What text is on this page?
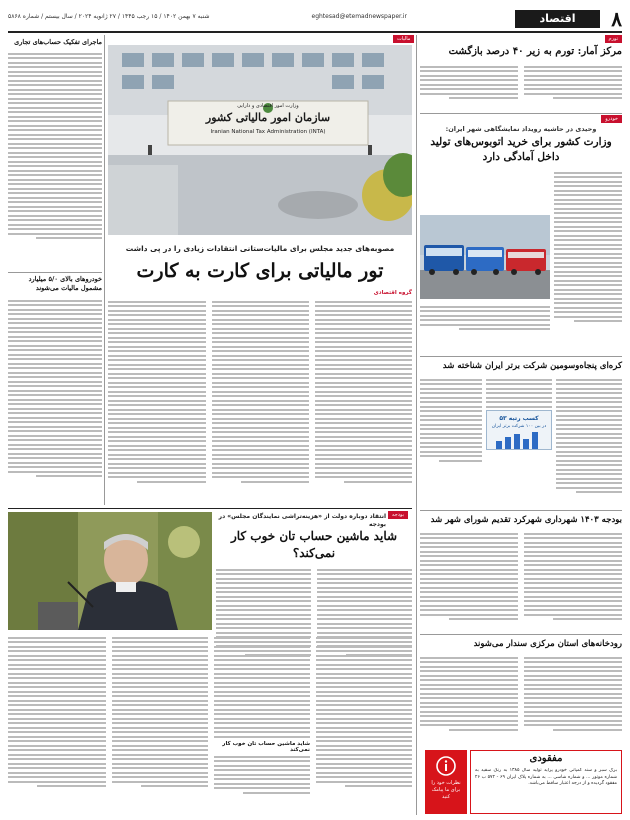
٨
اقتصاد
eghtesad@etemadnewspaper.ir
شنبه ۷ بهمن ۱۴۰۲ / ۱۵ رجب ۱۴۴۵ / ۲۷ ژانویه ۲۰۲۴ / سال بیستم / شماره ۵۸۶۸
تورم
مرکز آمار: تورم به زیر ۴۰ درصد بازگشت
خودرو
وحیدی در حاشیه رویداد نمایشگاهی شهر ایران:
وزارت کشور برای خرید اتوبوس‌های تولید داخل آمادگی دارد
کره‌ای پنجاه‌وسومین شرکت برتر ایران شناخته شد
کسب رتبه ۵۳
در بین ۱۰۰ شرکت برتر ایران
بودجه ۱۴۰۳ شهرداری شهرکرد تقدیم شورای شهر شد
رودخانه‌های استان مرکزی سندار می‌شوند
مفقودی
برگ سبز و سند کمپانی خودرو پراید تولید سال ۱۳۸۵ به رنگ سفید به شماره موتور ... و شماره شاسی ... به شماره پلاک ایران ۶۹ - ۵۷۲ ب ۲۶ مفقود گردیده و از درجه اعتبار ساقط می‌باشد.
نظرات خود را برای ما پیامک کنید
مالیات
وزارت امور اقتصادی و دارایی
سازمان امور مالیاتی کشور
Iranian National Tax Administration (INTA)
مصوبه‌های جدید مجلس برای مالیات‌ستانی انتقادات زیادی را در پی داشت
تور مالیاتی برای کارت به کارت
گروه اقتصادی
ماجرای تفکیک حساب‌های تجاری
خودروهای بالای ۵/۰ میلیارد مشمول مالیات می‌شوند
بودجه
انتقاد دوباره دولت از «هزینه‌تراشی نمایندگان مجلس» در بودجه
شاید ماشین حساب تان خوب کار
نمی‌کند؟
شاید ماشین حساب تان خوب کار نمی‌کند
